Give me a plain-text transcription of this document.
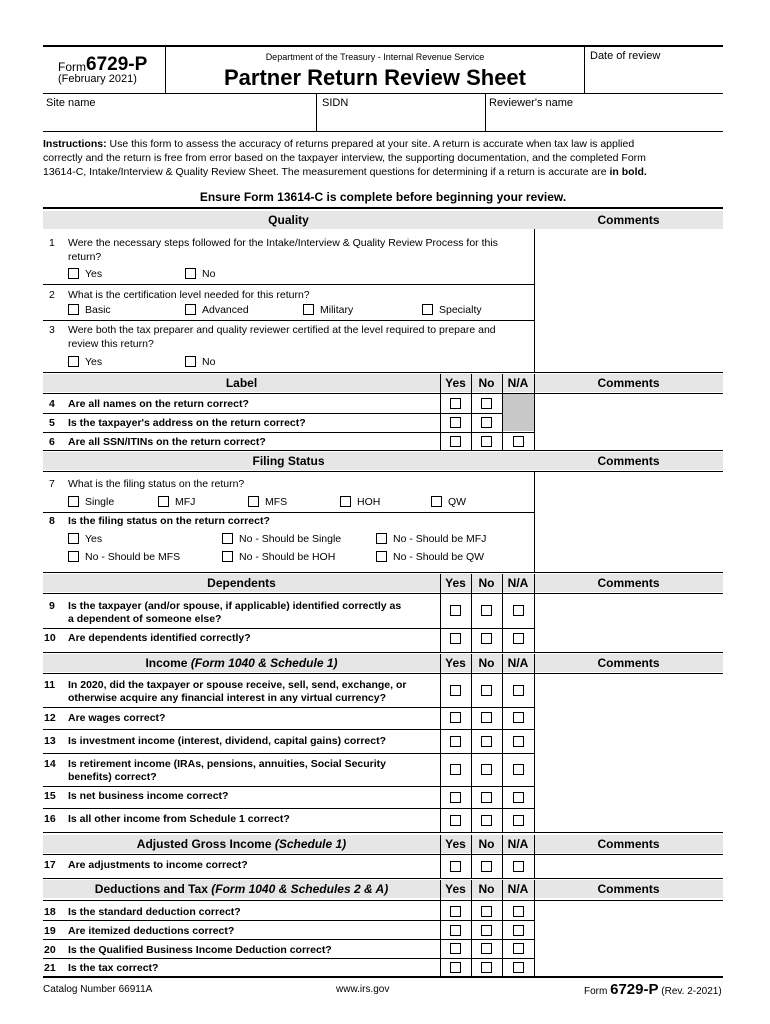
Form 6729-P
(February 2021)
Department of the Treasury - Internal Revenue Service
Partner Return Review Sheet
Date of review
Site name	SIDN	Reviewer's name
Instructions: Use this form to assess the accuracy of returns prepared at your site. A return is accurate when tax law is applied
correctly and the return is free from error based on the taxpayer interview, the supporting documentation, and the completed Form
13614-C, Intake/Interview & Quality Review Sheet. The measurement questions for determining if a return is accurate are in bold.
Ensure Form 13614-C is complete before beginning your review.
Quality	Comments
1 Were the necessary steps followed for the Intake/Interview & Quality Review Process for this
return?
Yes	No
2 What is the certification level needed for this return?
Basic	Advanced	Military	Specialty
3 Were both the tax preparer and quality reviewer certified at the level required to prepare and
review this return?
Yes	No
Label	Yes	No	N/A	Comments
4 Are all names on the return correct?
5 Is the taxpayer's address on the return correct?
6 Are all SSN/ITINs on the return correct?
Filing Status	Comments
7 What is the filing status on the return?
Single	MFJ	MFS	HOH	QW
8 Is the filing status on the return correct?
Yes	No - Should be Single	No - Should be MFJ
No - Should be MFS	No - Should be HOH	No - Should be QW
Dependents	Yes	No	N/A	Comments
9 Is the taxpayer (and/or spouse, if applicable) identified correctly as
a dependent of someone else?
10 Are dependents identified correctly?
Income (Form 1040 & Schedule 1)	Yes	No	N/A	Comments
11 In 2020, did the taxpayer or spouse receive, sell, send, exchange, or
otherwise acquire any financial interest in any virtual currency?
12 Are wages correct?
13 Is investment income (interest, dividend, capital gains) correct?
14 Is retirement income (IRAs, pensions, annuities, Social Security
benefits) correct?
15 Is net business income correct?
16 Is all other income from Schedule 1 correct?
Adjusted Gross Income (Schedule 1)	Yes	No	N/A	Comments
17 Are adjustments to income correct?
Deductions and Tax (Form 1040 & Schedules 2 & A)	Yes	No	N/A	Comments
18 Is the standard deduction correct?
19 Are itemized deductions correct?
20 Is the Qualified Business Income Deduction correct?
21 Is the tax correct?
Catalog Number 66911A	www.irs.gov	Form 6729-P (Rev. 2-2021)
